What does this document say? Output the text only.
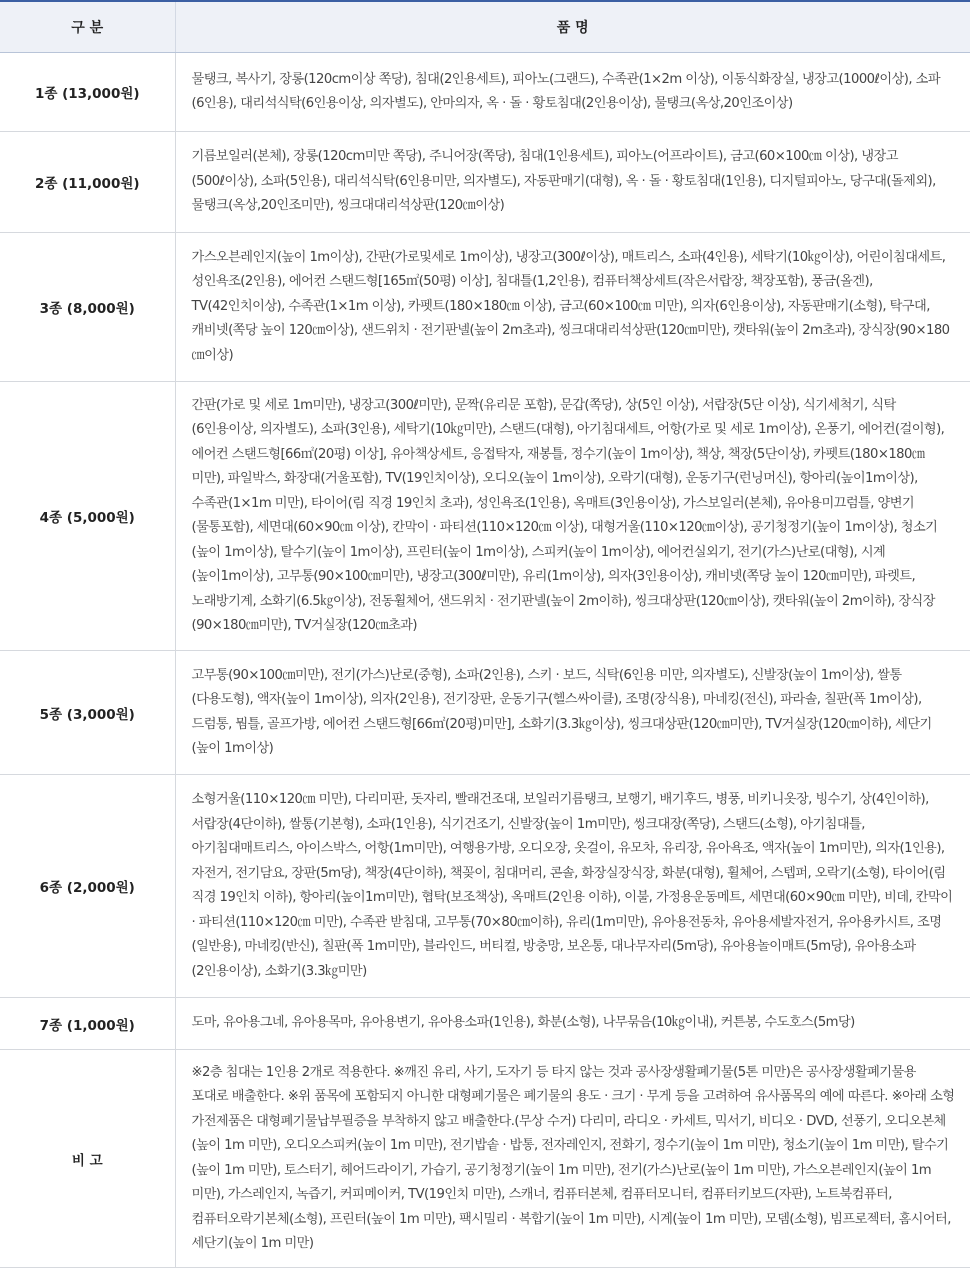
구 분	품 명
1종 (13,000원)	물탱크, 복사기, 장롱(120cm이상 쪽당), 침대(2인용세트), 피아노(그랜드), 수족관(1×2m 이상), 이동식화장실, 냉장고(1000ℓ이상), 소파(6인용), 대리석식탁(6인용이상, 의자별도), 안마의자, 옥 · 돌 · 황토침대(2인용이상), 물탱크(옥상,20인조이상)
2종 (11,000원)	기름보일러(본체), 장롱(120cm미만 쪽당), 주니어장(쪽당), 침대(1인용세트), 피아노(어프라이트), 금고(60×100㎝ 이상), 냉장고(500ℓ이상), 소파(5인용), 대리석식탁(6인용미만, 의자별도), 자동판매기(대형), 옥 · 돌 · 황토침대(1인용), 디지털피아노, 당구대(돌제외), 물탱크(옥상,20인조미만), 씽크대대리석상판(120㎝이상)
3종 (8,000원)	가스오븐레인지(높이 1m이상), 간판(가로및세로 1m이상), 냉장고(300ℓ이상), 매트리스, 소파(4인용), 세탁기(10㎏이상), 어린이침대세트, 성인욕조(2인용), 에어컨 스탠드형[165㎡(50평) 이상], 침대틀(1,2인용), 컴퓨터책상세트(작은서랍장, 책장포함), 풍금(올겐), TV(42인치이상), 수족관(1×1m 이상), 카펫트(180×180㎝ 이상), 금고(60×100㎝ 미만), 의자(6인용이상), 자동판매기(소형), 탁구대, 캐비넷(쪽당 높이 120㎝이상), 샌드위치 · 전기판넬(높이 2m초과), 씽크대대리석상판(120㎝미만), 캣타워(높이 2m초과), 장식장(90×180㎝이상)
4종 (5,000원)	간판(가로 및 세로 1m미만), 냉장고(300ℓ미만), 문짝(유리문 포함), 문갑(쪽당), 상(5인 이상), 서랍장(5단 이상), 식기세척기, 식탁(6인용이상, 의자별도), 소파(3인용), 세탁기(10㎏미만), 스탠드(대형), 아기침대세트, 어항(가로 및 세로 1m이상), 온풍기, 에어컨(걸이형), 에어컨 스탠드형[66㎡(20평) 이상], 유아책상세트, 응접탁자, 재봉틀, 정수기(높이 1m이상), 책상, 책장(5단이상), 카펫트(180×180㎝ 미만), 파일박스, 화장대(거울포함), TV(19인치이상), 오디오(높이 1m이상), 오락기(대형), 운동기구(런닝머신), 항아리(높이1m이상), 수족관(1×1m 미만), 타이어(림 직경 19인치 초과), 성인욕조(1인용), 옥매트(3인용이상), 가스보일러(본체), 유아용미끄럼틀, 양변기(물통포함), 세면대(60×90㎝ 이상), 칸막이 · 파티션(110×120㎝ 이상), 대형거울(110×120㎝이상), 공기청정기(높이 1m이상), 청소기(높이 1m이상), 탈수기(높이 1m이상), 프린터(높이 1m이상), 스피커(높이 1m이상), 에어컨실외기, 전기(가스)난로(대형), 시계(높이1m이상), 고무통(90×100㎝미만), 냉장고(300ℓ미만), 유리(1m이상), 의자(3인용이상), 캐비넷(쪽당 높이 120㎝미만), 파렛트, 노래방기계, 소화기(6.5㎏이상), 전동휠체어, 샌드위치 · 전기판넬(높이 2m이하), 씽크대상판(120㎝이상), 캣타워(높이 2m이하), 장식장(90×180㎝미만), TV거실장(120㎝초과)
5종 (3,000원)	고무통(90×100㎝미만), 전기(가스)난로(중형), 소파(2인용), 스키 · 보드, 식탁(6인용 미만, 의자별도), 신발장(높이 1m이상), 쌀통(다용도형), 액자(높이 1m이상), 의자(2인용), 전기장판, 운동기구(헬스싸이클), 조명(장식용), 마네킹(전신), 파라솔, 칠판(폭 1m이상), 드럼통, 뭠틀, 골프가방, 에어컨 스탠드형[66㎡(20평)미만], 소화기(3.3㎏이상), 씽크대상판(120㎝미만), TV거실장(120㎝이하), 세단기(높이 1m이상)
6종 (2,000원)	소형거울(110×120㎝ 미만), 다리미판, 돗자리, 빨래건조대, 보일러기름탱크, 보행기, 배기후드, 병풍, 비키니옷장, 빙수기, 상(4인이하), 서랍장(4단이하), 쌀통(기본형), 소파(1인용), 식기건조기, 신발장(높이 1m미만), 씽크대장(쪽당), 스탠드(소형), 아기침대틀, 아기침대매트리스, 아이스박스, 어항(1m미만), 여행용가방, 오디오장, 옷걸이, 유모차, 유리장, 유아욕조, 액자(높이 1m미만), 의자(1인용), 자전거, 전기담요, 장판(5m당), 책장(4단이하), 책꽂이, 침대머리, 콘솔, 화장실장식장, 화분(대형), 휠체어, 스텝퍼, 오락기(소형), 타이어(림 직경 19인치 이하), 항아리(높이1m미만), 협탁(보조책상), 옥매트(2인용 이하), 이불, 가정용운동메트, 세면대(60×90㎝ 미만), 비데, 칸막이 · 파티션(110×120㎝ 미만), 수족관 받침대, 고무통(70×80㎝이하), 유리(1m미만), 유아용전동차, 유아용세발자전거, 유아용카시트, 조명(일반용), 마네킹(반신), 칠판(폭 1m미만), 블라인드, 버티컬, 방충망, 보온통, 대나무자리(5m당), 유아용놀이매트(5m당), 유아용소파(2인용이상), 소화기(3.3㎏미만)
7종 (1,000원)	도마, 유아용그네, 유아용목마, 유아용변기, 유아용소파(1인용), 화분(소형), 나무묶음(10㎏이내), 커튼봉, 수도호스(5m당)
비 고	※2층 침대는 1인용 2개로 적용한다. ※깨진 유리, 사기, 도자기 등 타지 않는 것과 공사장생활폐기물(5톤 미만)은 공사장생활폐기물용 포대로 배출한다. ※위 품목에 포함되지 아니한 대형폐기물은 폐기물의 용도 · 크기 · 무게 등을 고려하여 유사품목의 예에 따른다. ※아래 소형 가전제품은 대형폐기물납부필증을 부착하지 않고 배출한다.(무상 수거) 다리미, 라디오 · 카세트, 믹서기, 비디오 · DVD, 선풍기, 오디오본체(높이 1m 미만), 오디오스피커(높이 1m 미만), 전기밥솥 · 밥통, 전자레인지, 전화기, 정수기(높이 1m 미만), 청소기(높이 1m 미만), 탈수기(높이 1m 미만), 토스터기, 헤어드라이기, 가습기, 공기청정기(높이 1m 미만), 전기(가스)난로(높이 1m 미만), 가스오븐레인지(높이 1m 미만), 가스레인지, 녹즙기, 커피메이커, TV(19인치 미만), 스캐너, 컴퓨터본체, 컴퓨터모니터, 컴퓨터키보드(자판), 노트북컴퓨터, 컴퓨터오락기본체(소형), 프린터(높이 1m 미만), 팩시밀리 · 복합기(높이 1m 미만), 시계(높이 1m 미만), 모뎀(소형), 빔프로젝터, 홈시어터, 세단기(높이 1m 미만)
